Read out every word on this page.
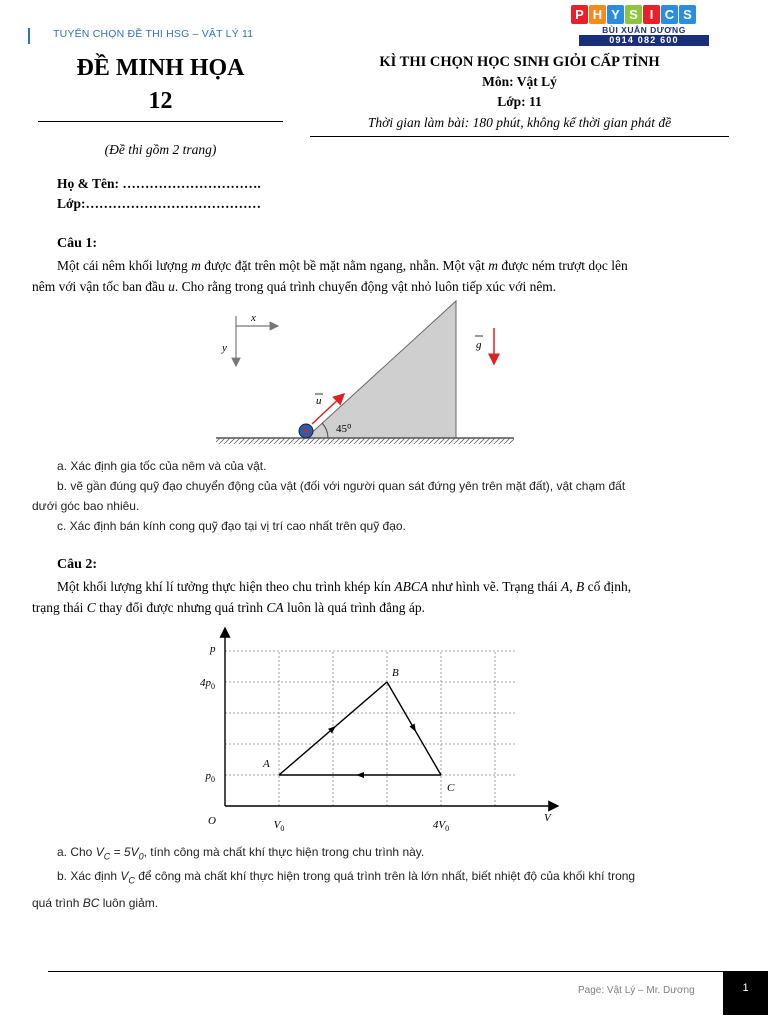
TUYỂN CHỌN ĐỀ THI HSG – VẬT LÝ 11
P H Y S I C S
BÙI XUÂN DƯƠNG
0914 082 600
ĐỀ MINH HỌA
12
KÌ THI CHỌN HỌC SINH GIỎI CẤP TỈNH
Môn: Vật Lý
Lớp: 11
Thời gian làm bài: 180 phút, không kể thời gian phát đề
(Đề thi gồm 2 trang)
Họ & Tên: ………………………….
Lớp:…………………………………
Câu 1:
Một cái nêm khối lượng m được đặt trên một bề mặt nằm ngang, nhẵn. Một vật m được ném trượt dọc lên
nêm với vận tốc ban đầu u. Cho rằng trong quá trình chuyển động vật nhỏ luôn tiếp xúc với nêm.
x
y
45⁰
u
g
a. Xác định gia tốc của nêm và của vật.
b. vẽ gần đúng quỹ đạo chuyển động của vật (đối với người quan sát đứng yên trên mặt đất), vật chạm đất
dưới góc bao nhiêu.
c. Xác định bán kính cong quỹ đạo tại vị trí cao nhất trên quỹ đạo.
Câu 2:
Một khối lượng khí lí tưởng thực hiện theo chu trình khép kín ABCA như hình vẽ. Trạng thái A, B cố định,
trạng thái C thay đổi được nhưng quá trình CA luôn là quá trình đẳng áp.
O	V
p
$V_0$	$4V_0$
$p_0$
$4p_0$
A
B
C
a. Cho $V_C = 5V_0$, tính công mà chất khí thực hiện trong chu trình này.
b. Xác định $V_C$ để công mà chất khí thực hiện trong quá trình trên là lớn nhất, biết nhiệt độ của khối khí trong
quá trình BC luôn giảm.
Page: Vật Lý – Mr. Dương	1
